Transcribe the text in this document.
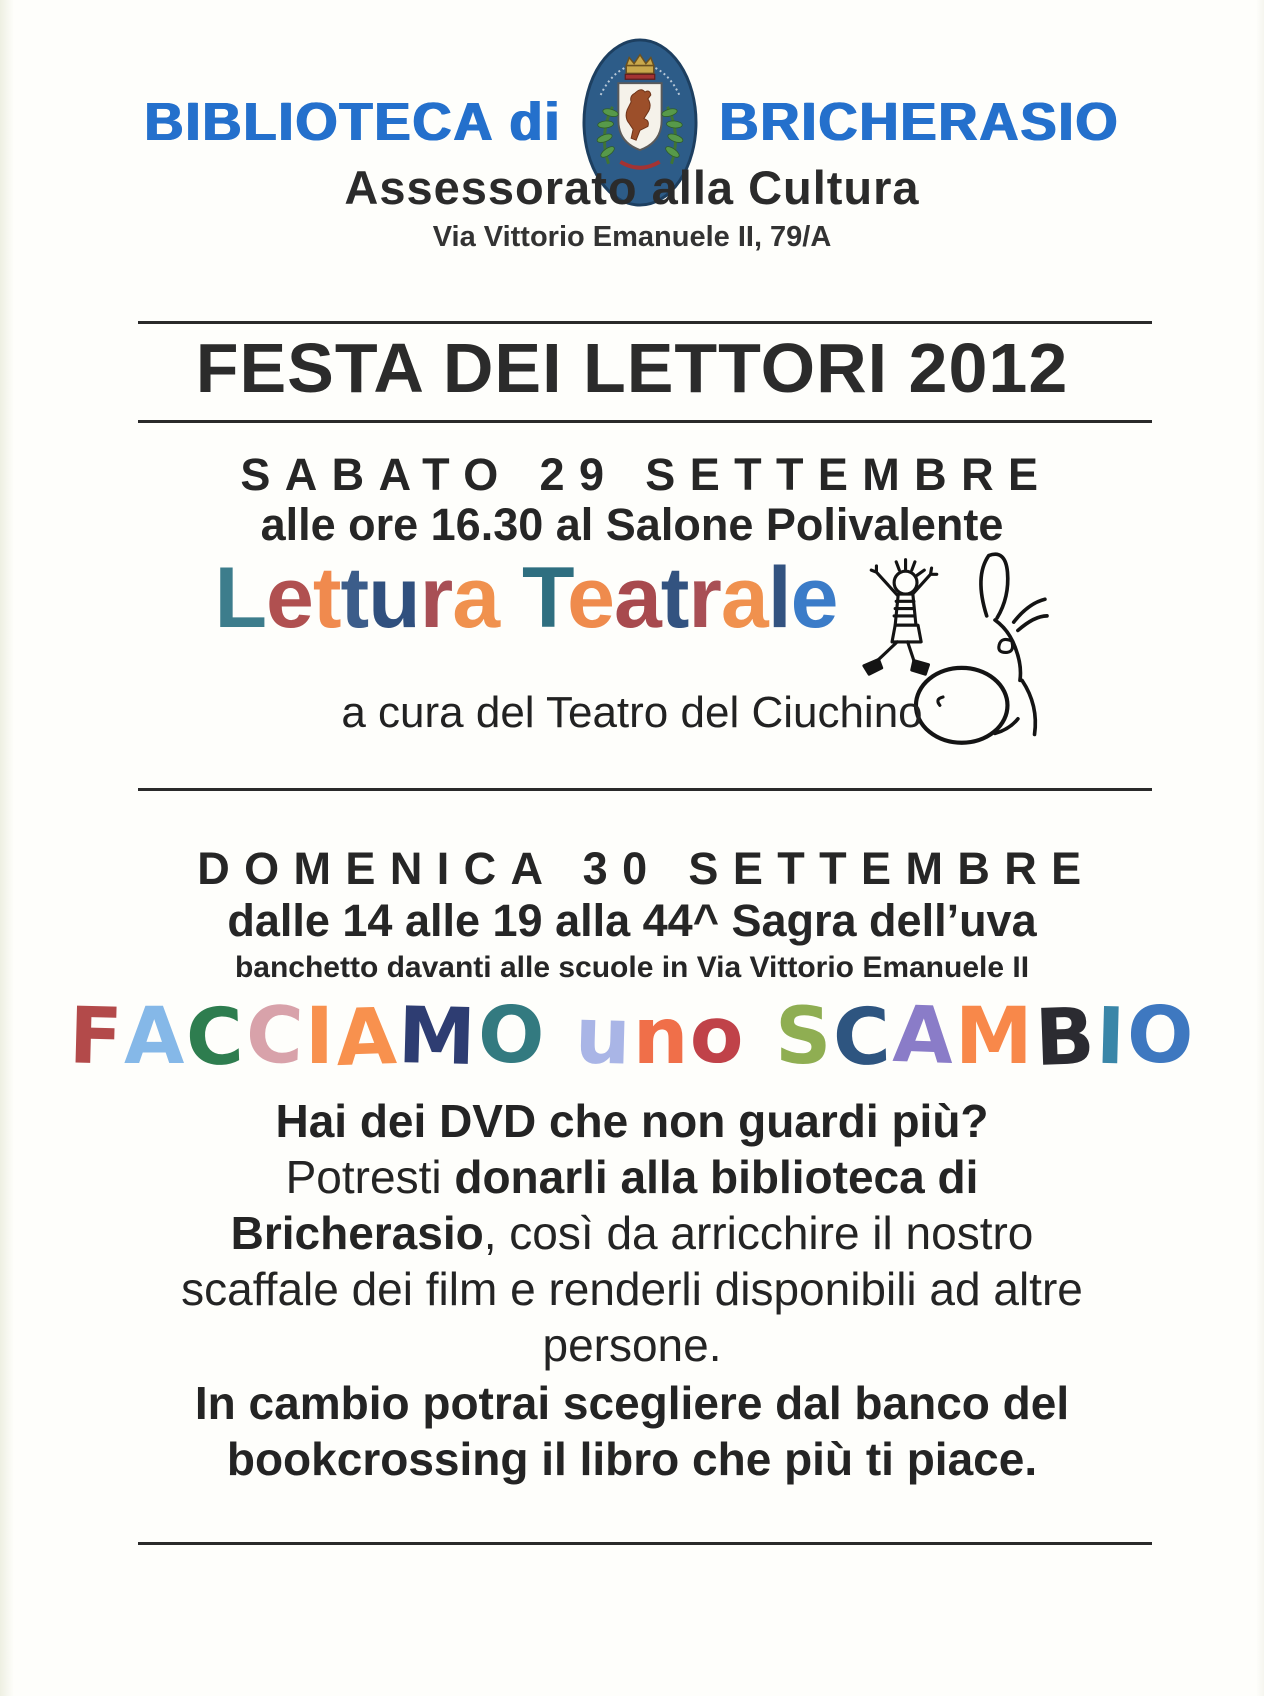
BIBLIOTECA di	BRICHERASIO
Assessorato alla Cultura
Via Vittorio Emanuele II, 79/A
FESTA DEI LETTORI 2012
SABATO 29 SETTEMBRE
alle ore 16.30 al Salone Polivalente
Lettura Teatrale
a cura del Teatro del Ciuchino
DOMENICA 30 SETTEMBRE
dalle 14 alle 19 alla 44^ Sagra dell’uva
banchetto davanti alle scuole in Via Vittorio Emanuele II
FACCIAMO uno SCAMBIO
Hai dei DVD che non guardi più?
Potresti donarli alla biblioteca di
Bricherasio, così da arricchire il nostro
scaffale dei film e renderli disponibili ad altre
persone.
In cambio potrai scegliere dal banco del
bookcrossing il libro che più ti piace.
